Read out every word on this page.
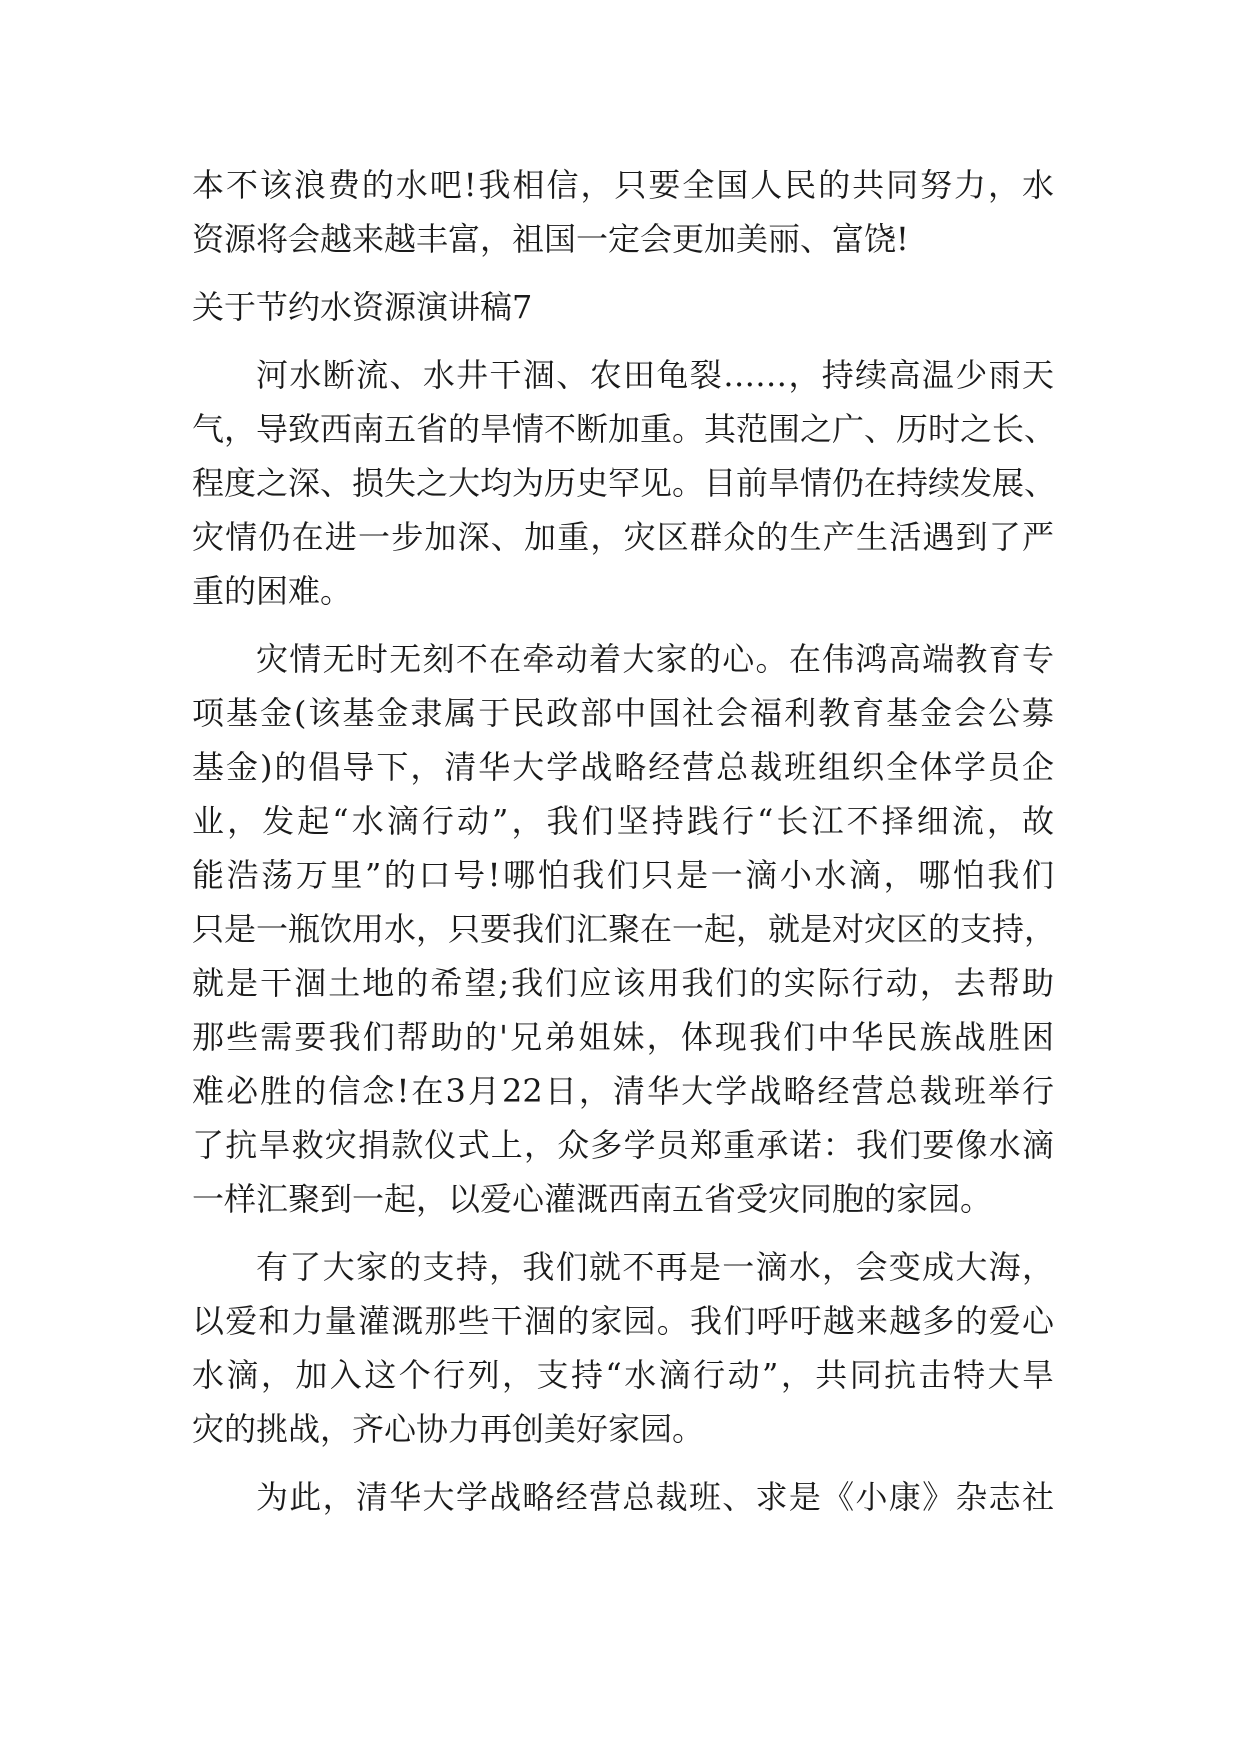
本不该浪费的水吧!我相信，只要全国人民的共同努力，水
资源将会越来越丰富，祖国一定会更加美丽、富饶!
关于节约水资源演讲稿7
河水断流、水井干涸、农田龟裂……，持续高温少雨天
气，导致西南五省的旱情不断加重。其范围之广、历时之长、
程度之深、损失之大均为历史罕见。目前旱情仍在持续发展、
灾情仍在进一步加深、加重，灾区群众的生产生活遇到了严
重的困难。
灾情无时无刻不在牵动着大家的心。在伟鸿高端教育专
项基金(该基金隶属于民政部中国社会福利教育基金会公募
基金)的倡导下，清华大学战略经营总裁班组织全体学员企
业，发起“水滴行动”，我们坚持践行“长江不择细流，故
能浩荡万里”的口号!哪怕我们只是一滴小水滴，哪怕我们
只是一瓶饮用水，只要我们汇聚在一起，就是对灾区的支持，
就是干涸土地的希望;我们应该用我们的实际行动，去帮助
那些需要我们帮助的'兄弟姐妹，体现我们中华民族战胜困
难必胜的信念!在3月22日，清华大学战略经营总裁班举行
了抗旱救灾捐款仪式上，众多学员郑重承诺：我们要像水滴
一样汇聚到一起，以爱心灌溉西南五省受灾同胞的家园。
有了大家的支持，我们就不再是一滴水，会变成大海，
以爱和力量灌溉那些干涸的家园。我们呼吁越来越多的爱心
水滴，加入这个行列，支持“水滴行动”，共同抗击特大旱
灾的挑战，齐心协力再创美好家园。
为此，清华大学战略经营总裁班、求是《小康》杂志社
